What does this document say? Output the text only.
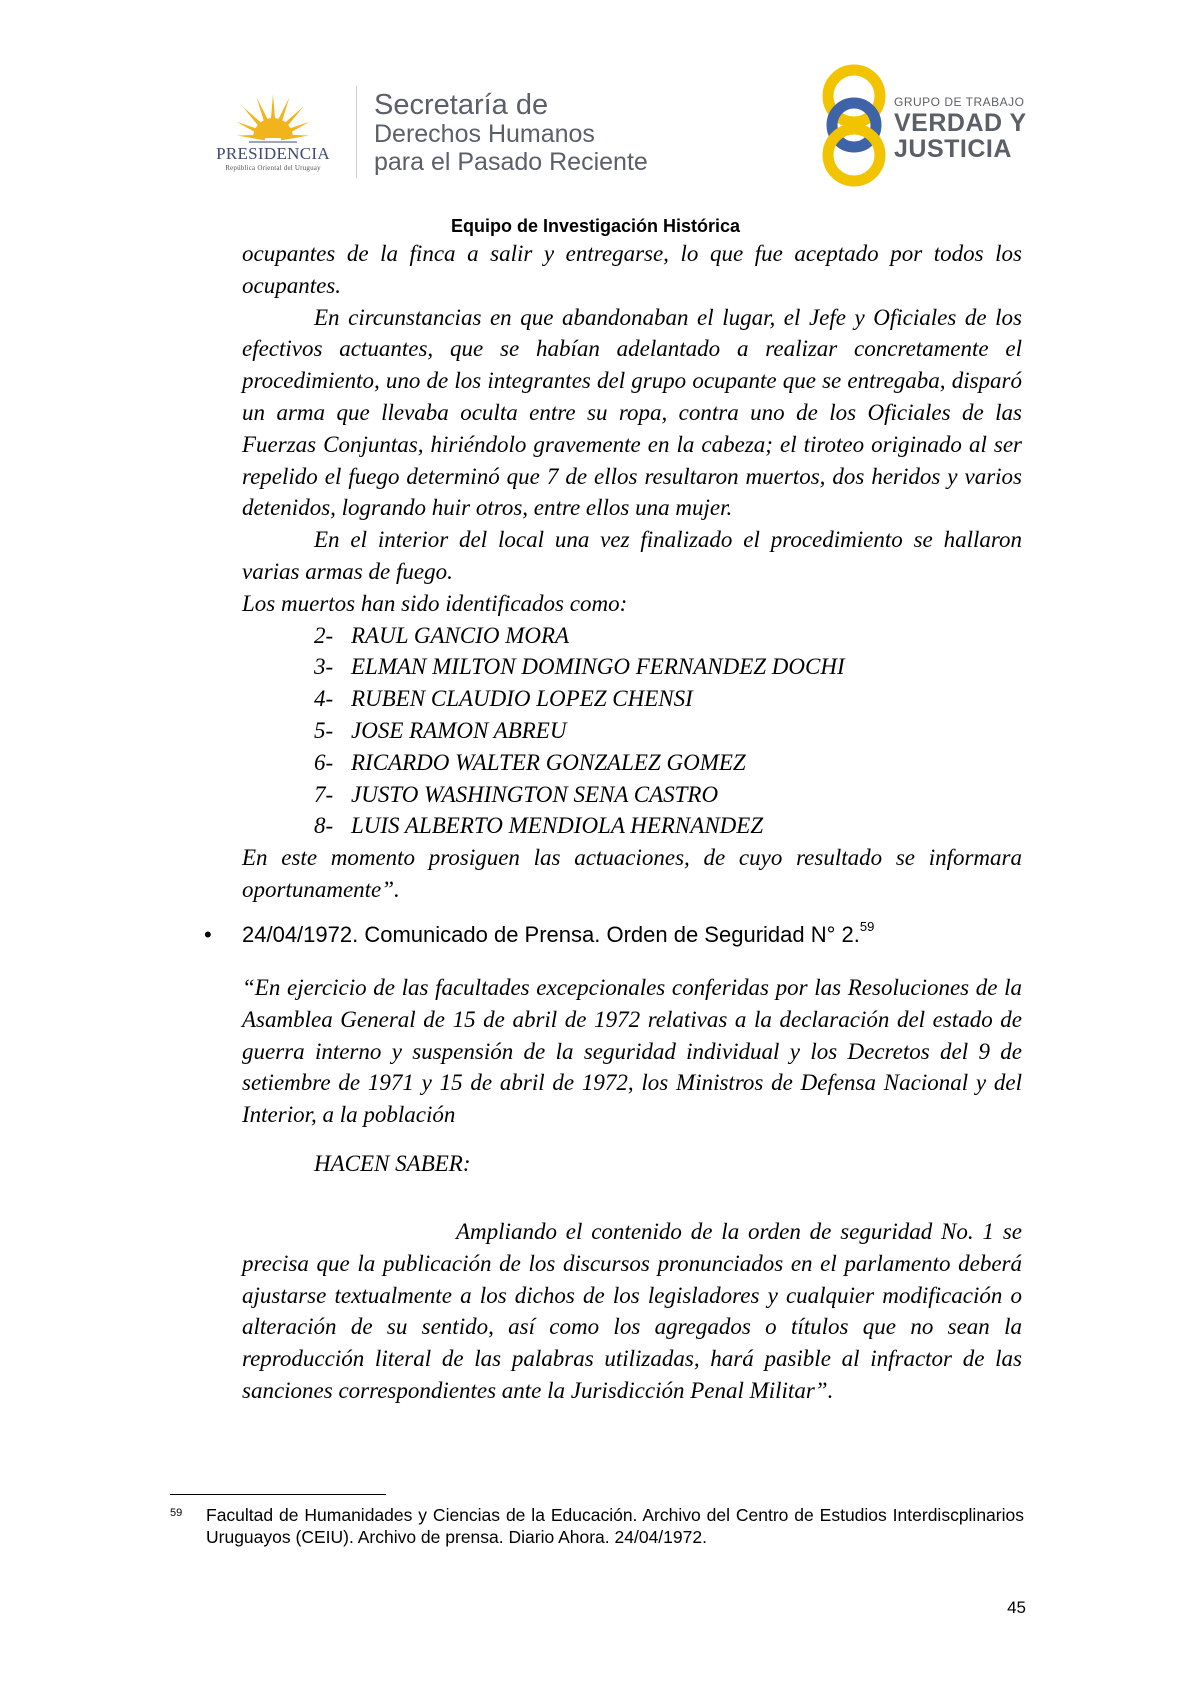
PRESIDENCIA
República Oriental del Uruguay
Secretaría de
Derechos Humanos
para el Pasado Reciente
GRUPO DE TRABAJO
VERDAD Y
JUSTICIA
Equipo de Investigación Histórica

ocupantes de la finca a salir y entregarse, lo que fue aceptado por todos los ocupantes.

En circunstancias en que abandonaban el lugar, el Jefe y Oficiales de los efectivos actuantes, que se habían adelantado a realizar concretamente el procedimiento, uno de los integrantes del grupo ocupante que se entregaba, disparó un arma que llevaba oculta entre su ropa, contra uno de los Oficiales de las Fuerzas Conjuntas, hiriéndolo gravemente en la cabeza; el tiroteo originado al ser repelido el fuego determinó que 7 de ellos resultaron muertos, dos heridos y varios detenidos, logrando huir otros, entre ellos una mujer.

En el interior del local una vez finalizado el procedimiento se hallaron varias armas de fuego.

Los muertos han sido identificados como:

2- RAUL GANCIO MORA
3- ELMAN MILTON DOMINGO FERNANDEZ DOCHI
4- RUBEN CLAUDIO LOPEZ CHENSI
5- JOSE RAMON ABREU
6- RICARDO WALTER GONZALEZ GOMEZ
7- JUSTO WASHINGTON SENA CASTRO
8- LUIS ALBERTO MENDIOLA HERNANDEZ

En este momento prosiguen las actuaciones, de cuyo resultado se informara oportunamente”.

• 24/04/1972. Comunicado de Prensa. Orden de Seguridad N° 2.59

“En ejercicio de las facultades excepcionales conferidas por las Resoluciones de la Asamblea General de 15 de abril de 1972 relativas a la declaración del estado de guerra interno y suspensión de la seguridad individual y los Decretos del 9 de setiembre de 1971 y 15 de abril de 1972, los Ministros de Defensa Nacional y del Interior, a la población

HACEN SABER:

Ampliando el contenido de la orden de seguridad No. 1 se precisa que la publicación de los discursos pronunciados en el parlamento deberá ajustarse textualmente a los dichos de los legisladores y cualquier modificación o alteración de su sentido, así como los agregados o títulos que no sean la reproducción literal de las palabras utilizadas, hará pasible al infractor de las sanciones correspondientes ante la Jurisdicción Penal Militar”.

59 Facultad de Humanidades y Ciencias de la Educación. Archivo del Centro de Estudios Interdiscplinarios Uruguayos (CEIU). Archivo de prensa. Diario Ahora. 24/04/1972.
45
